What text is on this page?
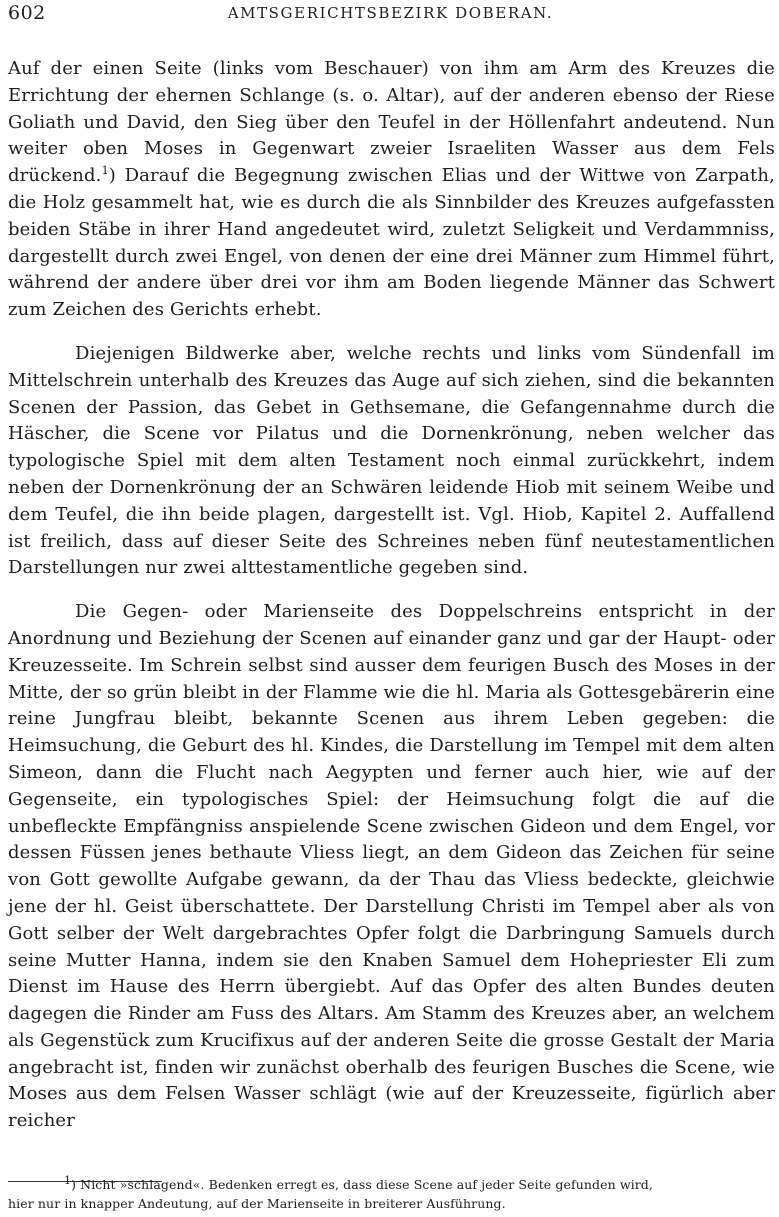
602	AMTSGERICHTSBEZIRK DOBERAN.

Auf der einen Seite (links vom Beschauer) von ihm am Arm des Kreuzes die Errichtung der ehernen Schlange (s. o. Altar), auf der anderen ebenso der Riese Goliath und David, den Sieg über den Teufel in der Höllenfahrt andeutend. Nun weiter oben Moses in Gegenwart zweier Israeliten Wasser aus dem Fels drückend.$^1$) Darauf die Begegnung zwischen Elias und der Wittwe von Zarpath, die Holz gesammelt hat, wie es durch die als Sinnbilder des Kreuzes aufgefassten beiden Stäbe in ihrer Hand angedeutet wird, zuletzt Seligkeit und Verdammniss, dargestellt durch zwei Engel, von denen der eine drei Männer zum Himmel führt, während der andere über drei vor ihm am Boden liegende Männer das Schwert zum Zeichen des Gerichts erhebt.

Diejenigen Bildwerke aber, welche rechts und links vom Sündenfall im Mittelschrein unterhalb des Kreuzes das Auge auf sich ziehen, sind die bekannten Scenen der Passion, das Gebet in Gethsemane, die Gefangennahme durch die Häscher, die Scene vor Pilatus und die Dornenkrönung, neben welcher das typologische Spiel mit dem alten Testament noch einmal zurückkehrt, indem neben der Dornenkrönung der an Schwären leidende Hiob mit seinem Weibe und dem Teufel, die ihn beide plagen, dargestellt ist. Vgl. Hiob, Kapitel 2. Auffallend ist freilich, dass auf dieser Seite des Schreines neben fünf neutestamentlichen Darstellungen nur zwei alttestamentliche gegeben sind.

Die Gegen- oder Marienseite des Doppelschreins entspricht in der Anordnung und Beziehung der Scenen auf einander ganz und gar der Haupt- oder Kreuzesseite. Im Schrein selbst sind ausser dem feurigen Busch des Moses in der Mitte, der so grün bleibt in der Flamme wie die hl. Maria als Gottesgebärerin eine reine Jungfrau bleibt, bekannte Scenen aus ihrem Leben gegeben: die Heimsuchung, die Geburt des hl. Kindes, die Darstellung im Tempel mit dem alten Simeon, dann die Flucht nach Aegypten und ferner auch hier, wie auf der Gegenseite, ein typologisches Spiel: der Heimsuchung folgt die auf die unbefleckte Empfängniss anspielende Scene zwischen Gideon und dem Engel, vor dessen Füssen jenes bethaute Vliess liegt, an dem Gideon das Zeichen für seine von Gott gewollte Aufgabe gewann, da der Thau das Vliess bedeckte, gleichwie jene der hl. Geist überschattete. Der Darstellung Christi im Tempel aber als von Gott selber der Welt dargebrachtes Opfer folgt die Darbringung Samuels durch seine Mutter Hanna, indem sie den Knaben Samuel dem Hohepriester Eli zum Dienst im Hause des Herrn übergiebt. Auf das Opfer des alten Bundes deuten dagegen die Rinder am Fuss des Altars. Am Stamm des Kreuzes aber, an welchem als Gegenstück zum Krucifixus auf der anderen Seite die grosse Gestalt der Maria angebracht ist, finden wir zunächst oberhalb des feurigen Busches die Scene, wie Moses aus dem Felsen Wasser schlägt (wie auf der Kreuzesseite, figürlich aber reicher

$^1$) Nicht »schlagend«. Bedenken erregt es, dass diese Scene auf jeder Seite gefunden wird,
hier nur in knapper Andeutung, auf der Marienseite in breiterer Ausführung.
